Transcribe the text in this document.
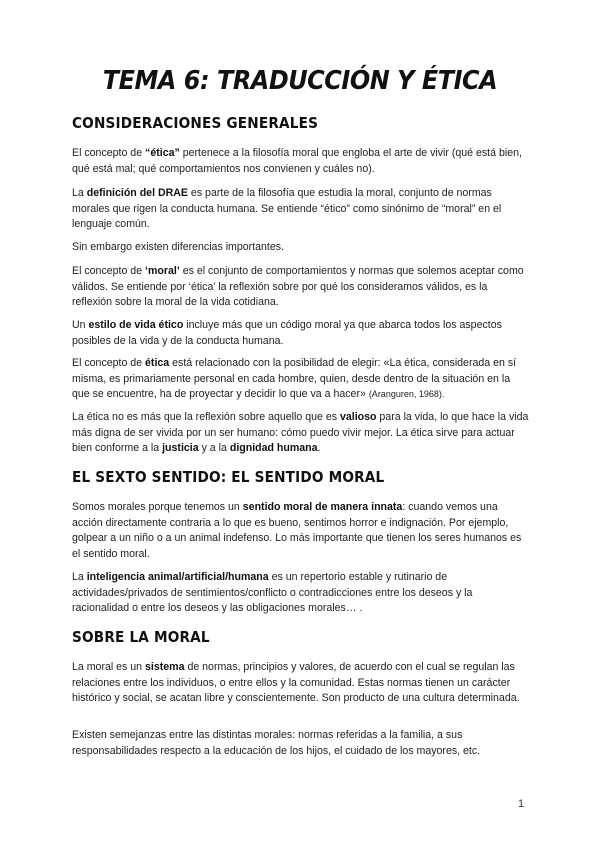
TEMA 6: TRADUCCIÓN Y ÉTICA
CONSIDERACIONES GENERALES
El concepto de “ética” pertenece a la filosofía moral que engloba el arte de vivir (qué está bien, qué está mal; qué comportamientos nos convienen y cuáles no).
La definición del DRAE es parte de la filosofía que estudia la moral, conjunto de normas morales que rigen la conducta humana. Se entiende “ético” como sinónimo de “moral” en el lenguaje común.
Sin embargo existen diferencias importantes.
El concepto de ‘moral’ es el conjunto de comportamientos y normas que solemos aceptar como válidos. Se entiende por ‘ética’ la reflexión sobre por qué los consideramos válidos, es la reflexión sobre la moral de la vida cotidiana.
Un estilo de vida ético incluye más que un código moral ya que abarca todos los aspectos posibles de la vida y de la conducta humana.
El concepto de ética está relacionado con la posibilidad de elegir: «La ética, considerada en sí misma, es primariamente personal en cada hombre, quien, desde dentro de la situación en la que se encuentre, ha de proyectar y decidir lo que va a hacer» (Aranguren, 1968).
La ética no es más que la reflexión sobre aquello que es valioso para la vida, lo que hace la vida más digna de ser vivida por un ser humano: cómo puedo vivir mejor. La ética sirve para actuar bien conforme a la justicia y a la dignidad humana.
EL SEXTO SENTIDO: EL SENTIDO MORAL
Somos morales porque tenemos un sentido moral de manera innata: cuando vemos una acción directamente contraria a lo que es bueno, sentimos horror e indignación. Por ejemplo, golpear a un niño o a un animal indefenso. Lo más importante que tienen los seres humanos es el sentido moral.
La inteligencia animal/artificial/humana es un repertorio estable y rutinario de actividades/privados de sentimientos/conflicto o contradicciones entre los deseos y la racionalidad o entre los deseos y las obligaciones morales… .
SOBRE LA MORAL
La moral es un sistema de normas, principios y valores, de acuerdo con el cual se regulan las relaciones entre los individuos, o entre ellos y la comunidad. Estas normas tienen un carácter histórico y social, se acatan libre y conscientemente. Son producto de una cultura determinada.
Existen semejanzas entre las distintas morales: normas referidas a la familia, a sus responsabilidades respecto a la educación de los hijos, el cuidado de los mayores, etc.
1
